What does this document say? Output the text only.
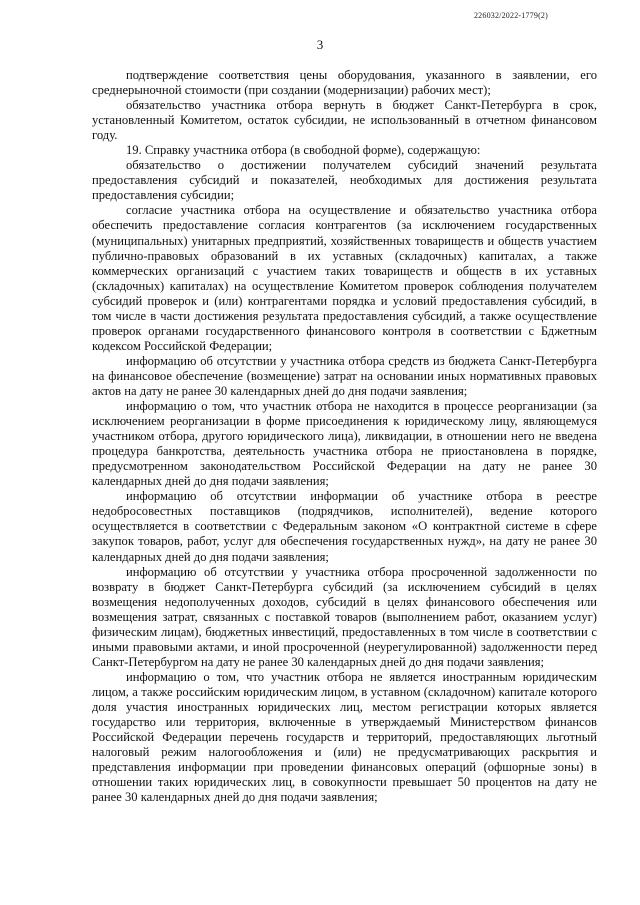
226032/2022-1779(2)
3

подтверждение соответствия цены оборудования, указанного в заявлении, его среднерыночной стоимости (при создании (модернизации) рабочих мест);

обязательство участника отбора вернуть в бюджет Санкт-Петербурга в срок, установленный Комитетом, остаток субсидии, не использованный в отчетном финансовом году.

19. Справку участника отбора (в свободной форме), содержащую:

обязательство о достижении получателем субсидий значений результата предоставления субсидий и показателей, необходимых для достижения результата предоставления субсидии;

согласие участника отбора на осуществление и обязательство участника отбора обеспечить предоставление согласия контрагентов (за исключением государственных (муниципальных) унитарных предприятий, хозяйственных товариществ и обществ участием публично-правовых образований в их уставных (складочных) капиталах, а также коммерческих организаций с участием таких товариществ и обществ в их уставных (складочных) капиталах) на осуществление Комитетом проверок соблюдения получателем субсидий проверок и (или) контрагентами порядка и условий предоставления субсидий, в том числе в части достижения результата предоставления субсидий, а также осуществление проверок органами государственного финансового контроля в соответствии с Бджетным кодексом Российской Федерации;

информацию об отсутствии у участника отбора средств из бюджета Санкт-Петербурга на финансовое обеспечение (возмещение) затрат на основании иных нормативных правовых актов на дату не ранее 30 календарных дней до дня подачи заявления;

информацию о том, что участник отбора не находится в процессе реорганизации (за исключением реорганизации в форме присоединения к юридическому лицу, являющемуся участником отбора, другого юридического лица), ликвидации, в отношении него не введена процедура банкротства, деятельность участника отбора не приостановлена в порядке, предусмотренном законодательством Российской Федерации на дату не ранее 30 календарных дней до дня подачи заявления;

информацию об отсутствии информации об участнике отбора в реестре недобросовестных поставщиков (подрядчиков, исполнителей), ведение которого осуществляется в соответствии с Федеральным законом «О контрактной системе в сфере закупок товаров, работ, услуг для обеспечения государственных нужд», на дату не ранее 30 календарных дней до дня подачи заявления;

информацию об отсутствии у участника отбора просроченной задолженности по возврату в бюджет Санкт-Петербурга субсидий (за исключением субсидий в целях возмещения недополученных доходов, субсидий в целях финансового обеспечения или возмещения затрат, связанных с поставкой товаров (выполнением работ, оказанием услуг) физическим лицам), бюджетных инвестиций, предоставленных в том числе в соответствии с иными правовыми актами, и иной просроченной (неурегулированной) задолженности перед Санкт-Петербургом на дату не ранее 30 календарных дней до дня подачи заявления;

информацию о том, что участник отбора не является иностранным юридическим лицом, а также российским юридическим лицом, в уставном (складочном) капитале которого доля участия иностранных юридических лиц, местом регистрации которых является государство или территория, включенные в утверждаемый Министерством финансов Российской Федерации перечень государств и территорий, предоставляющих льготный налоговый режим налогообложения и (или) не предусматривающих раскрытия и представления информации при проведении финансовых операций (офшорные зоны) в отношении таких юридических лиц, в совокупности превышает 50 процентов на дату не ранее 30 календарных дней до дня подачи заявления;
